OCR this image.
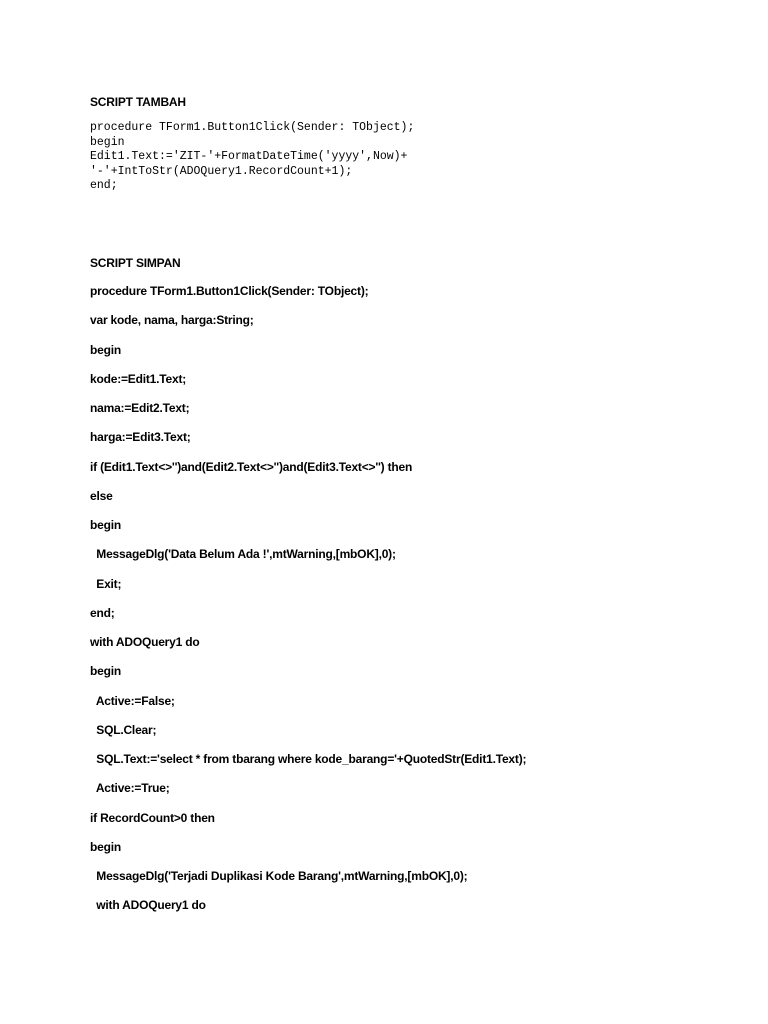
SCRIPT TAMBAH
procedure TForm1.Button1Click(Sender: TObject);
begin
Edit1.Text:='ZIT-'+FormatDateTime('yyyy',Now)+
'-'+IntToStr(ADOQuery1.RecordCount+1);
end;
SCRIPT SIMPAN
procedure TForm1.Button1Click(Sender: TObject);
var kode, nama, harga:String;
begin
kode:=Edit1.Text;
nama:=Edit2.Text;
harga:=Edit3.Text;
if (Edit1.Text<>'')and(Edit2.Text<>'')and(Edit3.Text<>'') then
else
begin
MessageDlg('Data Belum Ada !',mtWarning,[mbOK],0);
Exit;
end;
with ADOQuery1 do
begin
Active:=False;
SQL.Clear;
SQL.Text:='select * from tbarang where kode_barang='+QuotedStr(Edit1.Text);
Active:=True;
if RecordCount>0 then
begin
MessageDlg('Terjadi Duplikasi Kode Barang',mtWarning,[mbOK],0);
with ADOQuery1 do
